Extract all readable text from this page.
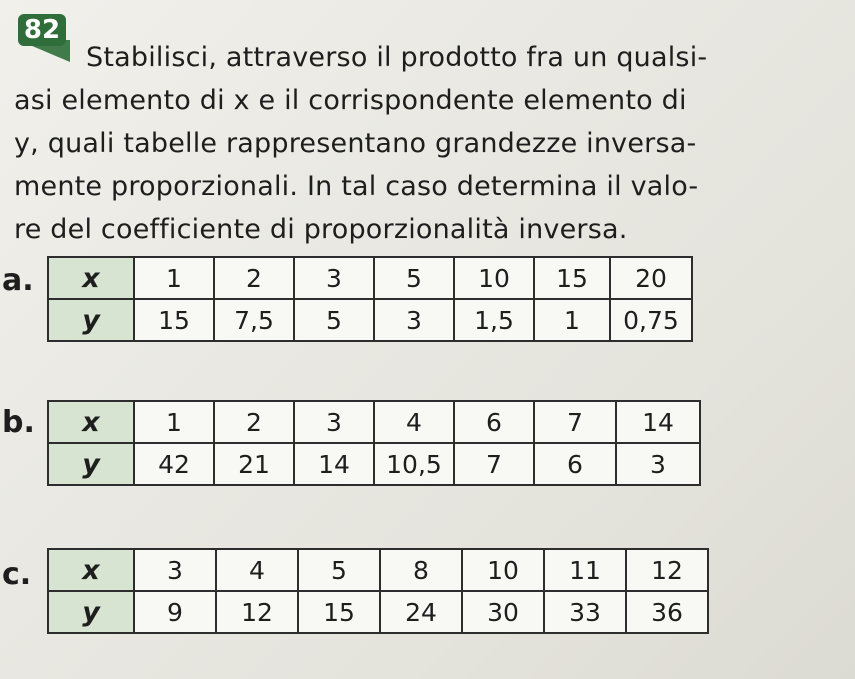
82
Stabilisci, attraverso il prodotto fra un qualsi-
asi elemento di x e il corrispondente elemento di
y, quali tabelle rappresentano grandezze inversa-
mente proporzionali. In tal caso determina il valo-
re del coefficiente di proporzionalità inversa.
a. x	1	2	3	5	10	15	20
y	15	7,5	5	3	1,5	1	0,75
b. x	1	2	3	4	6	7	14
y	42	21	14	10,5	7	6	3
c. x	3	4	5	8	10	11	12
y	9	12	15	24	30	33	36
